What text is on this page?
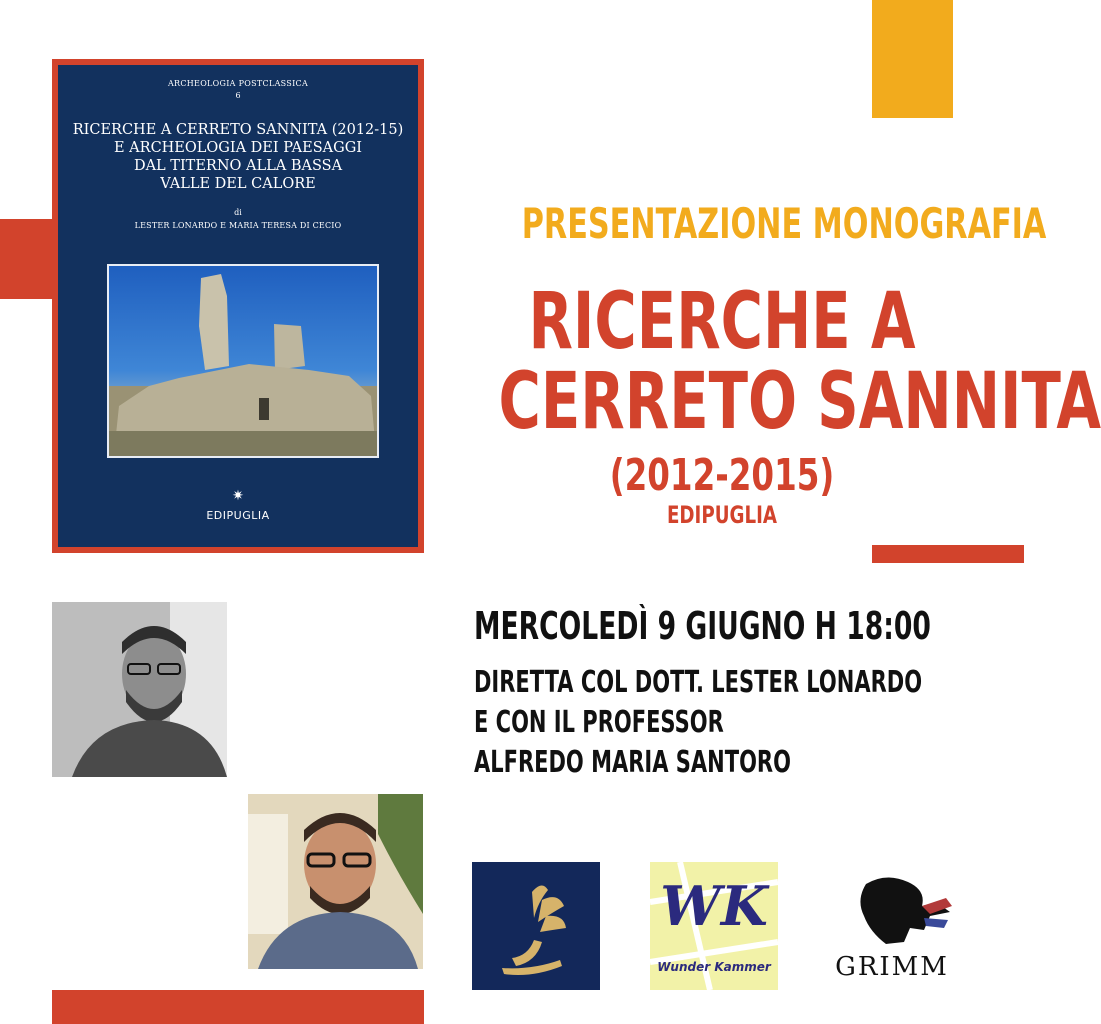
ARCHEOLOGIA POSTCLASSICA
6
RICERCHE A CERRETO SANNITA (2012-15)
E ARCHEOLOGIA DEI PAESAGGI
DAL TITERNO ALLA BASSA
VALLE DEL CALORE
di
LESTER LONARDO E MARIA TERESA DI CECIO
✷
EDIPUGLIA
PRESENTAZIONE MONOGRAFIA
RICERCHE A
CERRETO SANNITA
(2012-2015)
EDIPUGLIA
MERCOLEDÌ 9 GIUGNO H 18:00
DIRETTA COL DOTT. LESTER LONARDO
E CON IL PROFESSOR
ALFREDO MARIA SANTORO
WK
Wunder Kammer	GRIMM
